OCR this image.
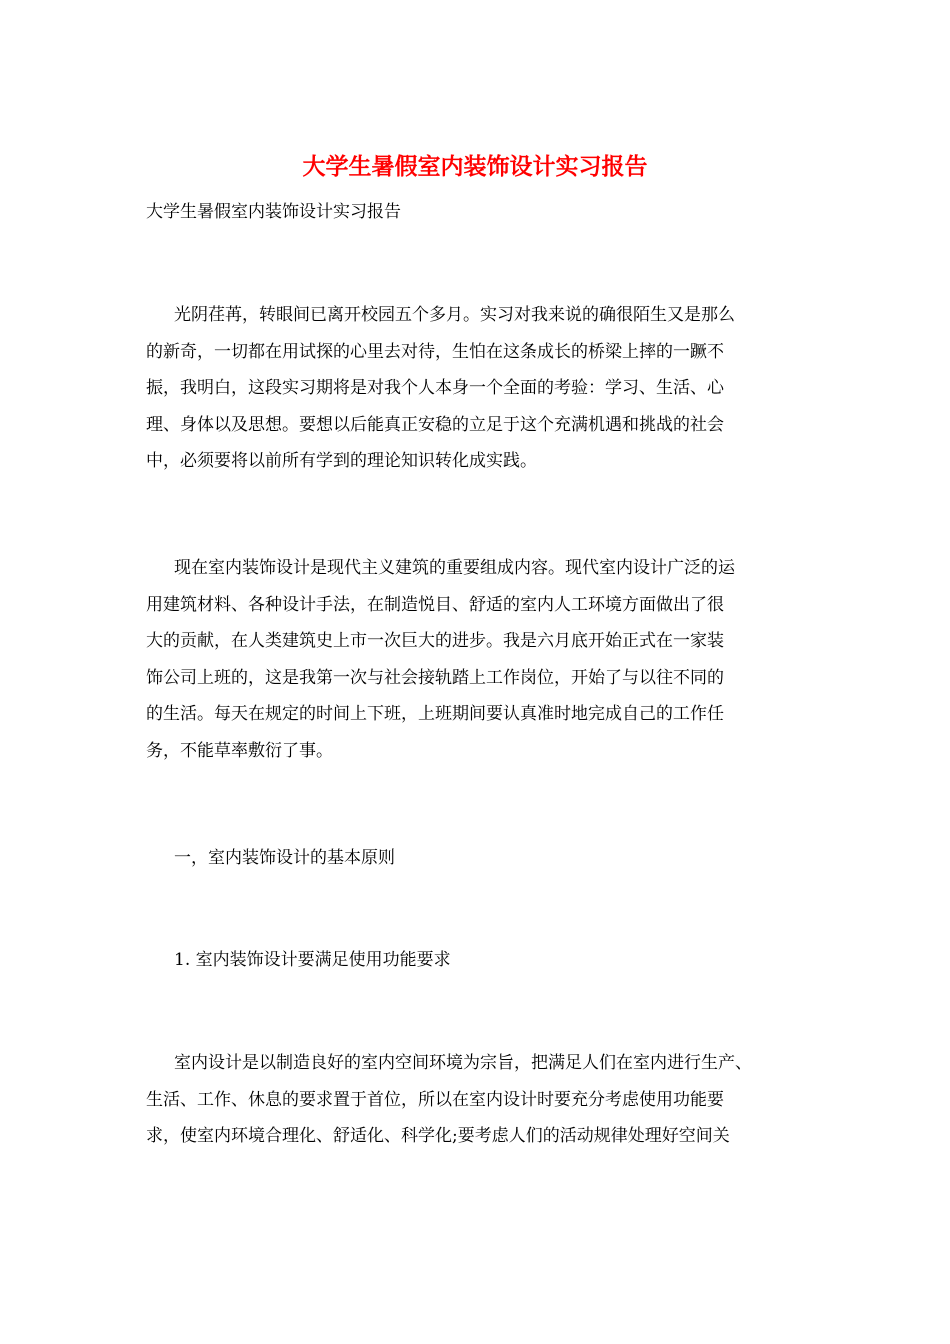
大学生暑假室内装饰设计实习报告
大学生暑假室内装饰设计实习报告
光阴荏苒，转眼间已离开校园五个多月。实习对我来说的确很陌生又是那么
的新奇，一切都在用试探的心里去对待，生怕在这条成长的桥梁上摔的一蹶不
振，我明白，这段实习期将是对我个人本身一个全面的考验：学习、生活、心
理、身体以及思想。要想以后能真正安稳的立足于这个充满机遇和挑战的社会
中，必须要将以前所有学到的理论知识转化成实践。
现在室内装饰设计是现代主义建筑的重要组成内容。现代室内设计广泛的运
用建筑材料、各种设计手法，在制造悦目、舒适的室内人工环境方面做出了很
大的贡献，在人类建筑史上市一次巨大的进步。我是六月底开始正式在一家装
饰公司上班的，这是我第一次与社会接轨踏上工作岗位，开始了与以往不同的
的生活。每天在规定的时间上下班，上班期间要认真准时地完成自己的工作任
务，不能草率敷衍了事。
一，室内装饰设计的基本原则
1. 室内装饰设计要满足使用功能要求
室内设计是以制造良好的室内空间环境为宗旨，把满足人们在室内进行生产、
生活、工作、休息的要求置于首位，所以在室内设计时要充分考虑使用功能要
求，使室内环境合理化、舒适化、科学化;要考虑人们的活动规律处理好空间关
